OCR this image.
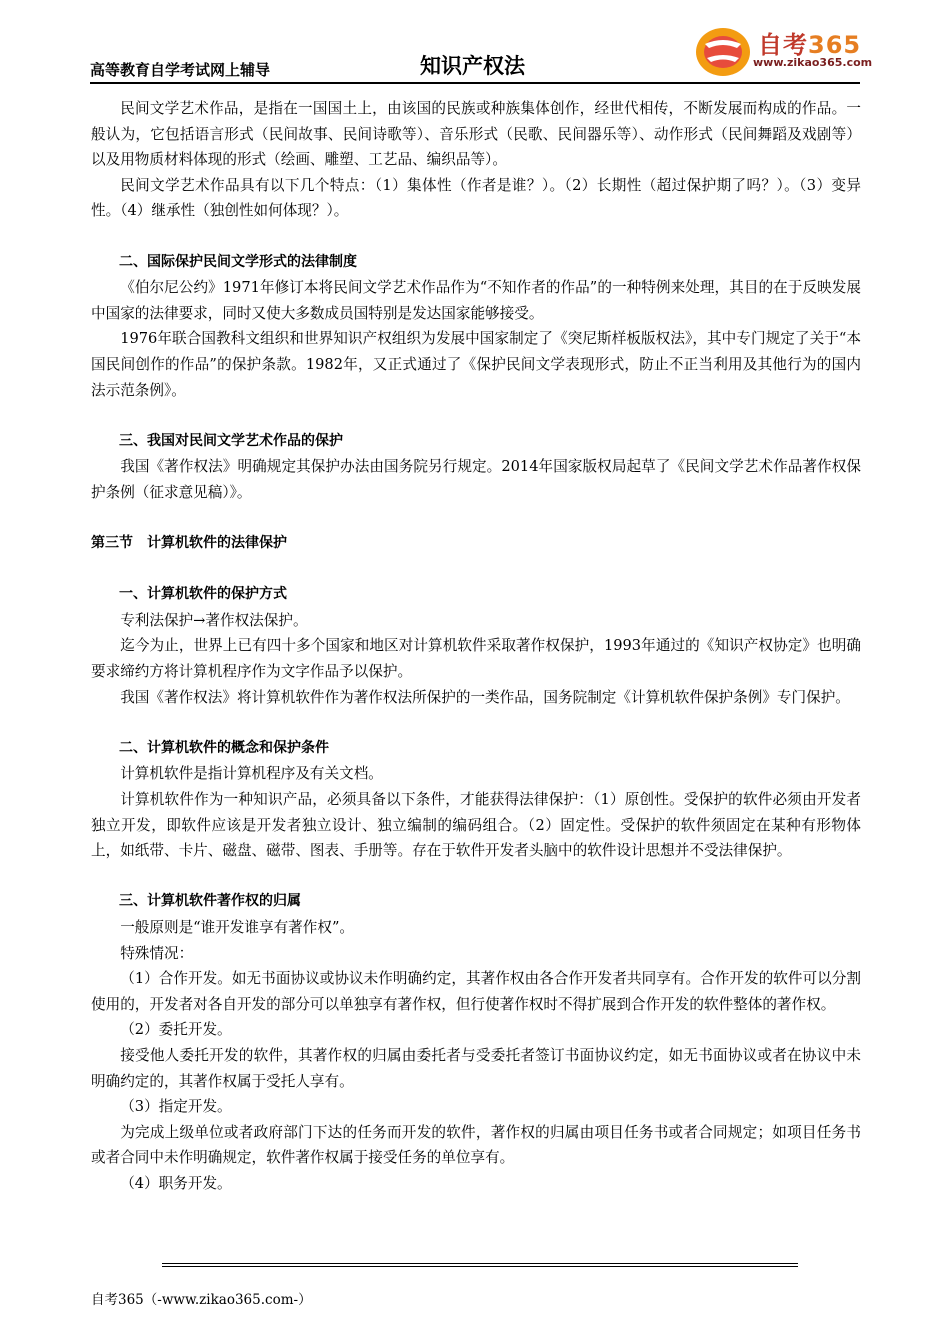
高等教育自学考试网上辅导	知识产权法
自考365
www.zikao365.com

民间文学艺术作品，是指在一国国土上，由该国的民族或种族集体创作，经世代相传，不断发展而构成的作品。一般认为，它包括语言形式（民间故事、民间诗歌等）、音乐形式（民歌、民间器乐等）、动作形式（民间舞蹈及戏剧等）以及用物质材料体现的形式（绘画、雕塑、工艺品、编织品等）。

民间文学艺术作品具有以下几个特点：（1）集体性（作者是谁？）。（2）长期性（超过保护期了吗？）。（3）变异性。（4）继承性（独创性如何体现？）。

二、国际保护民间文学形式的法律制度

《伯尔尼公约》1971年修订本将民间文学艺术作品作为“不知作者的作品”的一种特例来处理，其目的在于反映发展中国家的法律要求，同时又使大多数成员国特别是发达国家能够接受。

1976年联合国教科文组织和世界知识产权组织为发展中国家制定了《突尼斯样板版权法》，其中专门规定了关于“本国民间创作的作品”的保护条款。1982年，又正式通过了《保护民间文学表现形式，防止不正当利用及其他行为的国内法示范条例》。

三、我国对民间文学艺术作品的保护

我国《著作权法》明确规定其保护办法由国务院另行规定。2014年国家版权局起草了《民间文学艺术作品著作权保护条例（征求意见稿）》。

第三节　计算机软件的法律保护

一、计算机软件的保护方式

专利法保护→著作权法保护。

迄今为止，世界上已有四十多个国家和地区对计算机软件采取著作权保护，1993年通过的《知识产权协定》也明确要求缔约方将计算机程序作为文字作品予以保护。

我国《著作权法》将计算机软件作为著作权法所保护的一类作品，国务院制定《计算机软件保护条例》专门保护。

二、计算机软件的概念和保护条件

计算机软件是指计算机程序及有关文档。

计算机软件作为一种知识产品，必须具备以下条件，才能获得法律保护：（1）原创性。受保护的软件必须由开发者独立开发，即软件应该是开发者独立设计、独立编制的编码组合。（2）固定性。受保护的软件须固定在某种有形物体上，如纸带、卡片、磁盘、磁带、图表、手册等。存在于软件开发者头脑中的软件设计思想并不受法律保护。

三、计算机软件著作权的归属

一般原则是“谁开发谁享有著作权”。

特殊情况：

（1）合作开发。如无书面协议或协议未作明确约定，其著作权由各合作开发者共同享有。合作开发的软件可以分割使用的，开发者对各自开发的部分可以单独享有著作权，但行使著作权时不得扩展到合作开发的软件整体的著作权。

（2）委托开发。

接受他人委托开发的软件，其著作权的归属由委托者与受委托者签订书面协议约定，如无书面协议或者在协议中未明确约定的，其著作权属于受托人享有。

（3）指定开发。

为完成上级单位或者政府部门下达的任务而开发的软件，著作权的归属由项目任务书或者合同规定；如项目任务书或者合同中未作明确规定，软件著作权属于接受任务的单位享有。

（4）职务开发。

自考365（-www.zikao365.com-）
